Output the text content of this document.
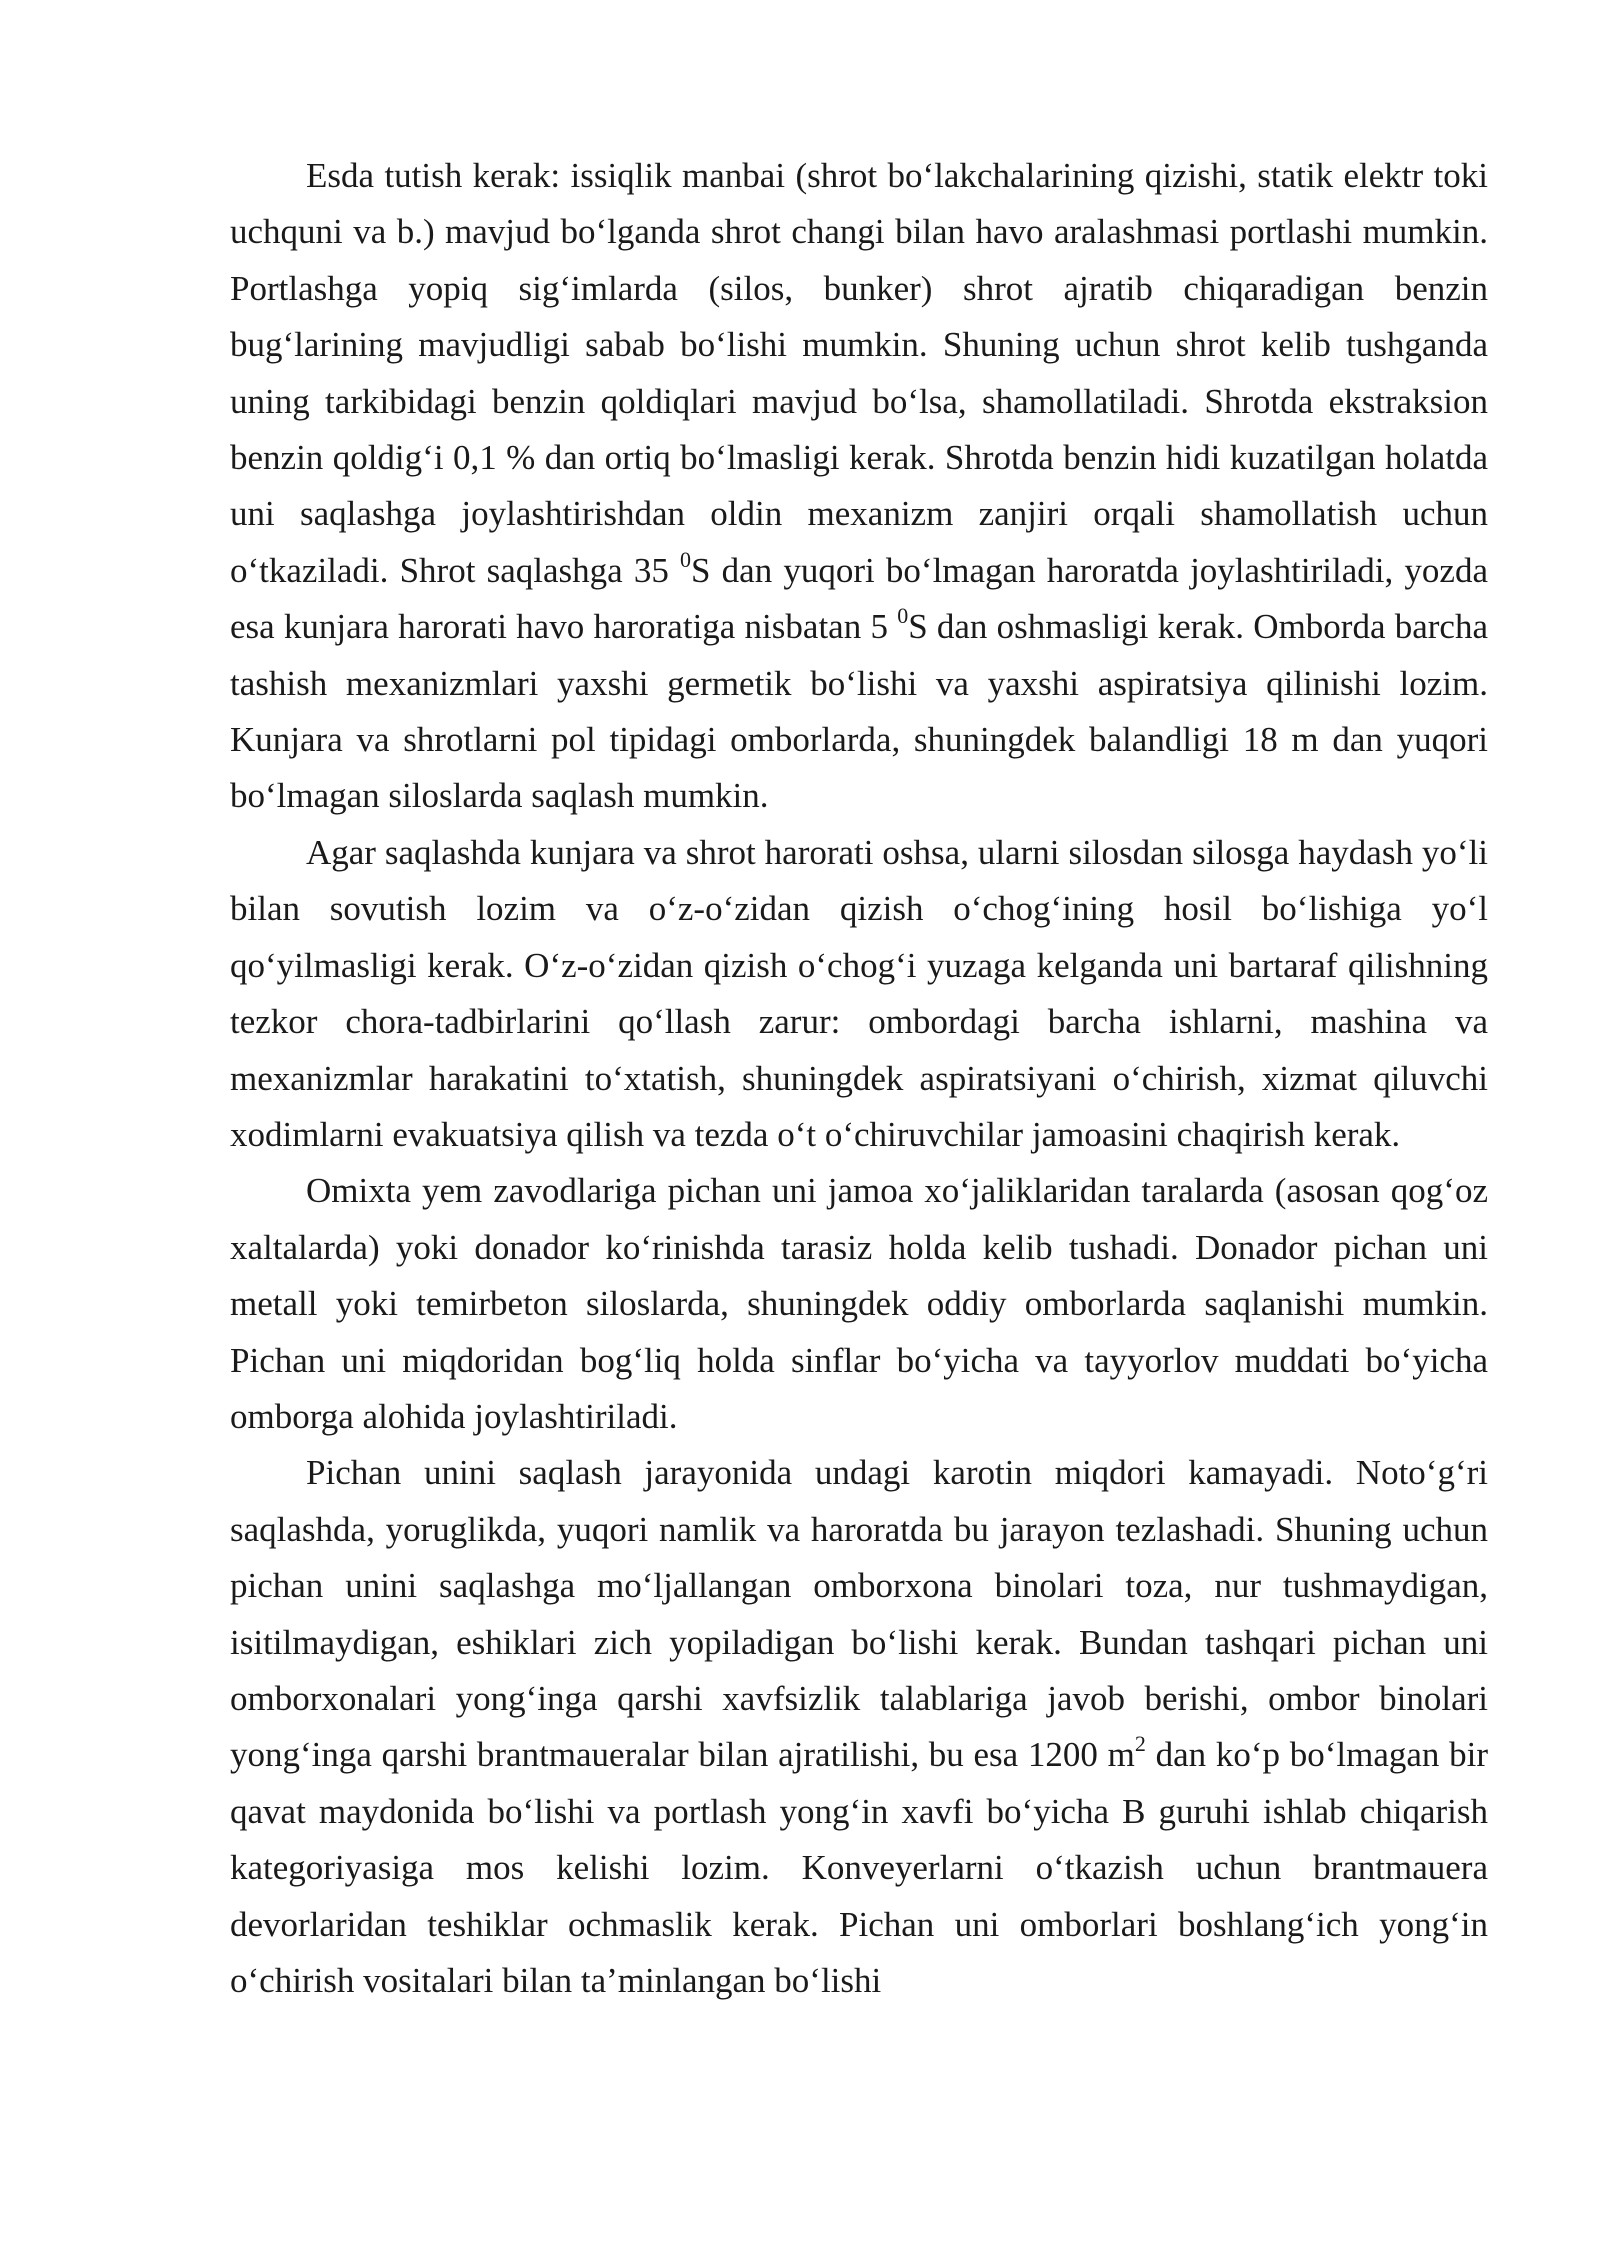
Esda tutish kerak: issiqlik manbai (shrot bo‘lakchalarining qizishi, statik elektr toki uchquni va b.) mavjud bo‘lganda shrot changi bilan havo aralashmasi portlashi mumkin. Portlashga yopiq sig‘imlarda (silos, bunker) shrot ajratib chiqaradigan benzin bug‘larining mavjudligi sabab bo‘lishi mumkin. Shuning uchun shrot kelib tushganda uning tarkibidagi benzin qoldiqlari mavjud bo‘lsa, shamollatiladi. Shrotda ekstraksion benzin qoldig‘i 0,1 % dan ortiq bo‘lmasligi kerak. Shrotda benzin hidi kuzatilgan holatda uni saqlashga joylashtirishdan oldin mexanizm zanjiri orqali shamollatish uchun o‘tkaziladi. Shrot saqlashga 35 $^0$S dan yuqori bo‘lmagan haroratda joylashtiriladi, yozda esa kunjara harorati havo haroratiga nisbatan 5 $^0$S dan oshmasligi kerak. Omborda barcha tashish mexanizmlari yaxshi germetik bo‘lishi va yaxshi aspiratsiya qilinishi lozim. Kunjara va shrotlarni pol tipidagi omborlarda, shuningdek balandligi 18 m dan yuqori bo‘lmagan siloslarda saqlash mumkin.

Agar saqlashda kunjara va shrot harorati oshsa, ularni silosdan silosga haydash yo‘li bilan sovutish lozim va o‘z-o‘zidan qizish o‘chog‘ining hosil bo‘lishiga yo‘l qo‘yilmasligi kerak. O‘z-o‘zidan qizish o‘chog‘i yuzaga kelganda uni bartaraf qilishning tezkor chora-tadbirlarini qo‘llash zarur: ombordagi barcha ishlarni, mashina va mexanizmlar harakatini to‘xtatish, shuningdek aspiratsiyani o‘chirish, xizmat qiluvchi xodimlarni evakuatsiya qilish va tezda o‘t o‘chiruvchilar jamoasini chaqirish kerak.

Omixta yem zavodlariga pichan uni jamoa xo‘jaliklaridan taralarda (asosan qog‘oz xaltalarda) yoki donador ko‘rinishda tarasiz holda kelib tushadi. Donador pichan uni metall yoki temirbeton siloslarda, shuningdek oddiy omborlarda saqlanishi mumkin. Pichan uni miqdoridan bog‘liq holda sinflar bo‘yicha va tayyorlov muddati bo‘yicha omborga alohida joylashtiriladi.

Pichan unini saqlash jarayonida undagi karotin miqdori kamayadi. Noto‘g‘ri saqlashda, yoruglikda, yuqori namlik va haroratda bu jarayon tezlashadi. Shuning uchun pichan unini saqlashga mo‘ljallangan omborxona binolari toza, nur tushmaydigan, isitilmaydigan, eshiklari zich yopiladigan bo‘lishi kerak. Bundan tashqari pichan uni omborxonalari yong‘inga qarshi xavfsizlik talablariga javob berishi, ombor binolari yong‘inga qarshi brantmaueralar bilan ajratilishi, bu esa 1200 $m^2$ dan ko‘p bo‘lmagan bir qavat maydonida bo‘lishi va portlash yong‘in xavfi bo‘yicha B guruhi ishlab chiqarish kategoriyasiga mos kelishi lozim. Konveyerlarni o‘tkazish uchun brantmauera devorlaridan teshiklar ochmaslik kerak. Pichan uni omborlari boshlang‘ich yong‘in o‘chirish vositalari bilan ta’minlangan bo‘lishi
